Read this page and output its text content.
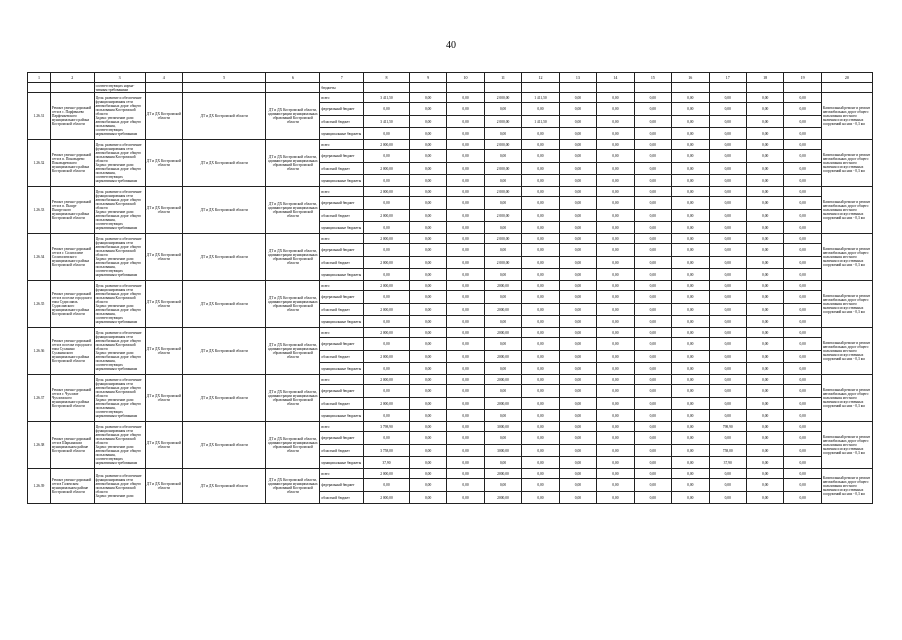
40
1	2	3	4	5	6	7	8	9	10	11	12	13	14	15	16	17	18	19	20
		соответствующих норма-
тивным требованиям				бюджеты													
1.26.31	Ремонт улично-дорожной сети в с. Парфеньево Парфеньевского муниципального района Костромской области	Цель: развитие и обеспечение функционирования сети автомобильных дорог общего пользования Костромской области
Задача: увеличение доли автомобильных дорог общего пользования, соответствующих нормативным требованиям	ДТ и ДХ Костромской области	ДТ и ДХ Костромской области	ДТ и ДХ Костромской области, администрации муниципальных образований Костромской области	всего	3 411,50	0,00	0,00	2 000,00	1 411,50	0,00	0,00	0,00	0,00	0,00	0,00	0,00	Капитальный ремонт и ремонт автомобильных дорог общего пользования местного значения и искусственных сооружений на них - 0,3 км
						федеральный бюджет	0,00	0,00	0,00	0,00	0,00	0,00	0,00	0,00	0,00	0,00	0,00	0,00	
						областной бюджет	3 411,50	0,00	0,00	2 000,00	1 411,50	0,00	0,00	0,00	0,00	0,00	0,00	0,00	
						муниципальные бюджеты	0,00	0,00	0,00	0,00	0,00	0,00	0,00	0,00	0,00	0,00	0,00	0,00	
1.26.32	Ремонт улично-дорожной сети в п. Поназырево Поназыревского муниципального района Костромской области	Цель: развитие и обеспечение функционирования сети автомобильных дорог общего пользования Костромской области
Задача: увеличение доли автомобильных дорог общего пользования, соответствующих нормативным требованиям	ДТ и ДХ Костромской области	ДТ и ДХ Костромской области	ДТ и ДХ Костромской области, администрации муниципальных образований Костромской области	всего	2 000,00	0,00	0,00	2 000,00	0,00	0,00	0,00	0,00	0,00	0,00	0,00	0,00	Капитальный ремонт и ремонт автомобильных дорог общего пользования местного значения и искусственных сооружений на них - 0,3 км
						федеральный бюджет	0,00	0,00	0,00	0,00	0,00	0,00	0,00	0,00	0,00	0,00	0,00	0,00	
						областной бюджет	2 000,00	0,00	0,00	2 000,00	0,00	0,00	0,00	0,00	0,00	0,00	0,00	0,00	
						муниципальные бюджеты	0,00	0,00	0,00	0,00	0,00	0,00	0,00	0,00	0,00	0,00	0,00	0,00	
1.26.33	Ремонт улично-дорожной сети в п. Пыщуг Пыщугского муниципального района Костромской области	Цель: развитие и обеспечение функционирования сети автомобильных дорог общего пользования Костромской области
Задача: увеличение доли автомобильных дорог общего пользования, соответствующих нормативным требованиям	ДТ и ДХ Костромской области	ДТ и ДХ Костромской области	ДТ и ДХ Костромской области, администрации муниципальных образований Костромской области	всего	2 000,00	0,00	0,00	2 000,00	0,00	0,00	0,00	0,00	0,00	0,00	0,00	0,00	Капитальный ремонт и ремонт автомобильных дорог общего пользования местного значения и искусственных сооружений на них - 0,3 км
						федеральный бюджет	0,00	0,00	0,00	0,00	0,00	0,00	0,00	0,00	0,00	0,00	0,00	0,00	
						областной бюджет	2 000,00	0,00	0,00	2 000,00	0,00	0,00	0,00	0,00	0,00	0,00	0,00	0,00	
						муниципальные бюджеты	0,00	0,00	0,00	0,00	0,00	0,00	0,00	0,00	0,00	0,00	0,00	0,00	
1.26.34	Ремонт улично-дорожной сети в г. Солигаличе Солигаличского муниципального района Костромской области	Цель: развитие и обеспечение функционирования сети автомобильных дорог общего пользования Костромской области
Задача: увеличение доли автомобильных дорог общего пользования, соответствующих нормативным требованиям	ДТ и ДХ Костромской области	ДТ и ДХ Костромской области	ДТ и ДХ Костромской области, администрации муниципальных образований Костромской области	всего	2 000,00	0,00	0,00	2 000,00	0,00	0,00	0,00	0,00	0,00	0,00	0,00	0,00	Капитальный ремонт и ремонт автомобильных дорог общего пользования местного значения и искусственных сооружений на них - 0,3 км
						федеральный бюджет	0,00	0,00	0,00	0,00	0,00	0,00	0,00	0,00	0,00	0,00	0,00	0,00	
						областной бюджет	2 000,00	0,00	0,00	2 000,00	0,00	0,00	0,00	0,00	0,00	0,00	0,00	0,00	
						муниципальные бюджеты	0,00	0,00	0,00	0,00	0,00	0,00	0,00	0,00	0,00	0,00	0,00	0,00	
1.26.35	Ремонт улично-дорожной сети в поселке городского типа Судиславль Судиславского муниципального района Костромской области	Цель: развитие и обеспечение функционирования сети автомобильных дорог общего пользования Костромской области
Задача: увеличение доли автомобильных дорог общего пользования, соответствующих нормативным требованиям	ДТ и ДХ Костромской области	ДТ и ДХ Костромской области	ДТ и ДХ Костромской области, администрации муниципальных образований Костромской области	всего	2 000,00	0,00	0,00	2000,00	0,00	0,00	0,00	0,00	0,00	0,00	0,00	0,00	Капитальный ремонт и ремонт автомобильных дорог общего пользования местного значения и искусственных сооружений на них - 0,3 км
						федеральный бюджет	0,00	0,00	0,00	0,00	0,00	0,00	0,00	0,00	0,00	0,00	0,00	0,00	
						областной бюджет	2 000,00	0,00	0,00	2000,00	0,00	0,00	0,00	0,00	0,00	0,00	0,00	0,00	
						муниципальные бюджеты	0,00	0,00	0,00	0,00	0,00	0,00	0,00	0,00	0,00	0,00	0,00	0,00	
1.26.36	Ремонт улично-дорожной сети в поселке городского типа Сусанино Сусанинского муниципального района Костромской области	Цель: развитие и обеспечение функционирования сети автомобильных дорог общего пользования Костромской области
Задача: увеличение доли автомобильных дорог общего пользования, соответствующих нормативным требованиям	ДТ и ДХ Костромской области	ДТ и ДХ Костромской области	ДТ и ДХ Костромской области, администрации муниципальных образований Костромской области	всего	2 000,00	0,00	0,00	2000,00	0,00	0,00	0,00	0,00	0,00	0,00	0,00	0,00	Капитальный ремонт и ремонт автомобильных дорог общего пользования местного значения и искусственных сооружений на них - 0,3 км
						федеральный бюджет	0,00	0,00	0,00	0,00	0,00	0,00	0,00	0,00	0,00	0,00	0,00	0,00	
						областной бюджет	2 000,00	0,00	0,00	2000,00	0,00	0,00	0,00	0,00	0,00	0,00	0,00	0,00	
						муниципальные бюджеты	0,00	0,00	0,00	0,00	0,00	0,00	0,00	0,00	0,00	0,00	0,00	0,00	
1.26.37	Ремонт улично-дорожной сети в г. Чухломе Чухломского муниципального района Костромской области	Цель: развитие и обеспечение функционирования сети автомобильных дорог общего пользования Костромской области
Задача: увеличение доли автомобильных дорог общего пользования, соответствующих нормативным требованиям	ДТ и ДХ Костромской области	ДТ и ДХ Костромской области	ДТ и ДХ Костромской области, администрации муниципальных образований Костромской области	всего	2 000,00	0,00	0,00	2000,00	0,00	0,00	0,00	0,00	0,00	0,00	0,00	0,00	Капитальный ремонт и ремонт автомобильных дорог общего пользования местного значения и искусственных сооружений на них - 0,3 км
						федеральный бюджет	0,00	0,00	0,00	0,00	0,00	0,00	0,00	0,00	0,00	0,00	0,00	0,00	
						областной бюджет	2 000,00	0,00	0,00	2000,00	0,00	0,00	0,00	0,00	0,00	0,00	0,00	0,00	
						муниципальные бюджеты	0,00	0,00	0,00	0,00	0,00	0,00	0,00	0,00	0,00	0,00	0,00	0,00	
1.26.38	Ремонт улично-дорожной сети в Шарьинском муниципальном районе Костромской области	Цель: развитие и обеспечение функционирования сети автомобильных дорог общего пользования Костромской области
Задача: увеличение доли автомобильных дорог общего пользования, соответствующих нормативным требованиям	ДТ и ДХ Костромской области	ДТ и ДХ Костромской области	ДТ и ДХ Костромской области, администрации муниципальных образований Костромской области	всего	3 798,90	0,00	0,00	3000,00	0,00	0,00	0,00	0,00	0,00	798,90	0,00	0,00	Капитальный ремонт и ремонт автомобильных дорог общего пользования местного значения и искусственных сооружений на них - 0,3 км
						федеральный бюджет	0,00	0,00	0,00	0,00	0,00	0,00	0,00	0,00	0,00	0,00	0,00	0,00	
						областной бюджет	3 758,00	0,00	0,00	3000,00	0,00	0,00	0,00	0,00	0,00	758,00	0,00	0,00	
						муниципальные бюджеты	37,90	0,00	0,00	0,00	0,00	0,00	0,00	0,00	0,00	37,90	0,00	0,00	
1.26.39	Ремонт улично-дорожной сети в Галичском муниципальном районе Костромской области	Цель: развитие и обеспечение функционирования сети автомобильных дорог общего пользования Костромской области
Задача: увеличение доли	ДТ и ДХ Костромской области	ДТ и ДХ Костромской области	ДТ и ДХ Костромской области, администрации муниципальных образований Костромской области	всего	2 000,00	0,00	0,00	2000,00	0,00	0,00	0,00	0,00	0,00	0,00	0,00	0,00	Капитальный ремонт и ремонт автомобильных дорог общего пользования местного значения и искусственных сооружений на них - 0,3 км
						федеральный бюджет	0,00	0,00	0,00	0,00	0,00	0,00	0,00	0,00	0,00	0,00	0,00	0,00	
						областной бюджет	2 000,00	0,00	0,00	2000,00	0,00	0,00	0,00	0,00	0,00	0,00	0,00	0,00	
